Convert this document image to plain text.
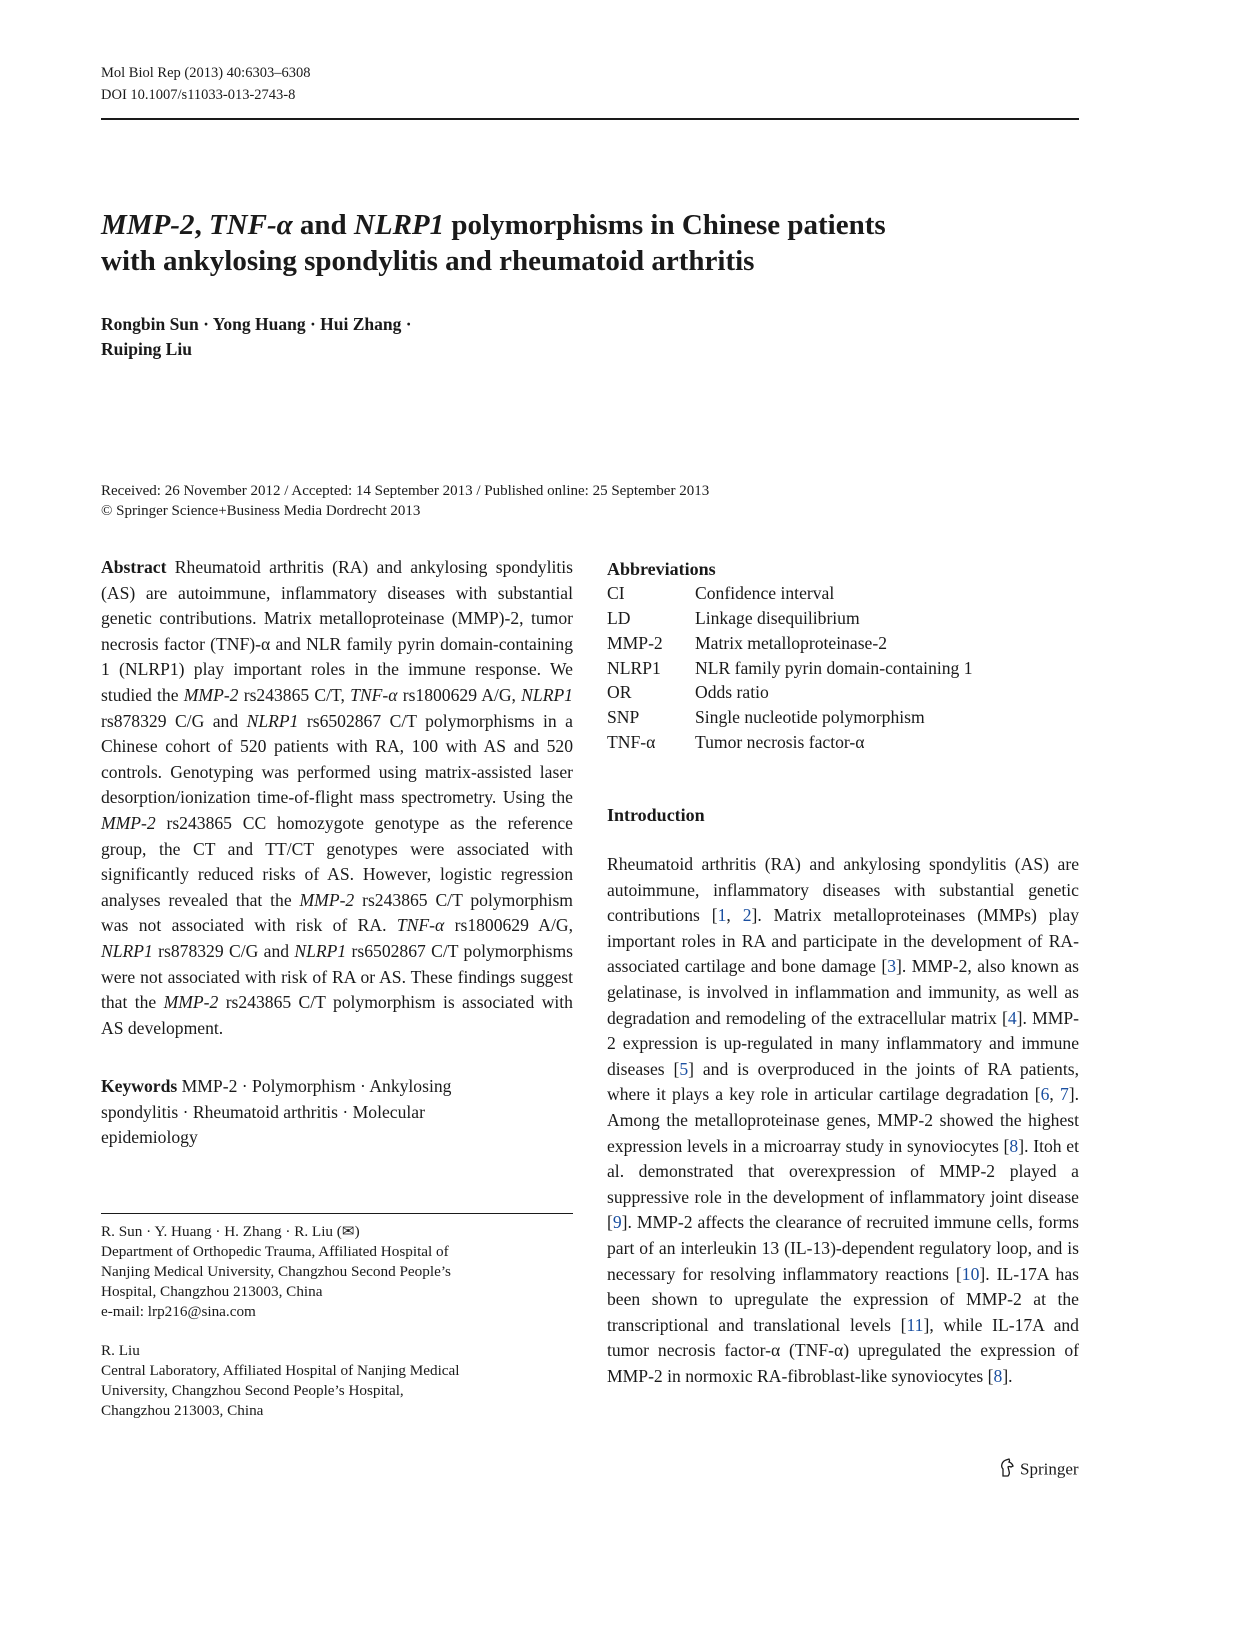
Mol Biol Rep (2013) 40:6303–6308
DOI 10.1007/s11033-013-2743-8
MMP-2, TNF-α and NLRP1 polymorphisms in Chinese patients
with ankylosing spondylitis and rheumatoid arthritis
Rongbin Sun · Yong Huang · Hui Zhang ·
Ruiping Liu
Received: 26 November 2012 / Accepted: 14 September 2013 / Published online: 25 September 2013
© Springer Science+Business Media Dordrecht 2013
Abstract Rheumatoid arthritis (RA) and ankylosing spondylitis (AS) are autoimmune, inflammatory diseases with substantial genetic contributions. Matrix metalloproteinase (MMP)-2, tumor necrosis factor (TNF)-α and NLR family pyrin domain-containing 1 (NLRP1) play important roles in the immune response. We studied the MMP-2 rs243865 C/T, TNF-α rs1800629 A/G, NLRP1 rs878329 C/G and NLRP1 rs6502867 C/T polymorphisms in a Chinese cohort of 520 patients with RA, 100 with AS and 520 controls. Genotyping was performed using matrix-assisted laser desorption/ionization time-of-flight mass spectrometry. Using the MMP-2 rs243865 CC homozygote genotype as the reference group, the CT and TT/CT genotypes were associated with significantly reduced risks of AS. However, logistic regression analyses revealed that the MMP-2 rs243865 C/T polymorphism was not associated with risk of RA. TNF-α rs1800629 A/G, NLRP1 rs878329 C/G and NLRP1 rs6502867 C/T polymorphisms were not associated with risk of RA or AS. These findings suggest that the MMP-2 rs243865 C/T polymorphism is associated with AS development.
Keywords MMP-2 · Polymorphism · Ankylosing spondylitis · Rheumatoid arthritis · Molecular epidemiology
R. Sun · Y. Huang · H. Zhang · R. Liu (✉)
Department of Orthopedic Trauma, Affiliated Hospital of
Nanjing Medical University, Changzhou Second People’s
Hospital, Changzhou 213003, China
e-mail: lrp216@sina.com
R. Liu
Central Laboratory, Affiliated Hospital of Nanjing Medical
University, Changzhou Second People’s Hospital,
Changzhou 213003, China
Abbreviations
CI	Confidence interval
LD	Linkage disequilibrium
MMP-2 Matrix metalloproteinase-2
NLRP1 NLR family pyrin domain-containing 1
OR	Odds ratio
SNP	Single nucleotide polymorphism
TNF-α Tumor necrosis factor-α
Introduction
Rheumatoid arthritis (RA) and ankylosing spondylitis (AS) are autoimmune, inflammatory diseases with substantial genetic contributions [1, 2]. Matrix metalloproteinases (MMPs) play important roles in RA and participate in the development of RA-associated cartilage and bone damage [3]. MMP-2, also known as gelatinase, is involved in inflammation and immunity, as well as degradation and remodeling of the extracellular matrix [4]. MMP-2 expression is up-regulated in many inflammatory and immune diseases [5] and is overproduced in the joints of RA patients, where it plays a key role in articular cartilage degradation [6, 7]. Among the metalloproteinase genes, MMP-2 showed the highest expression levels in a microarray study in synoviocytes [8]. Itoh et al. demonstrated that overexpression of MMP-2 played a suppressive role in the development of inflammatory joint disease [9]. MMP-2 affects the clearance of recruited immune cells, forms part of an interleukin 13 (IL-13)-dependent regulatory loop, and is necessary for resolving inflammatory reactions [10]. IL-17A has been shown to upregulate the expression of MMP-2 at the transcriptional and translational levels [11], while IL-17A and tumor necrosis factor-α (TNF-α) upregulated the expression of MMP-2 in normoxic RA-fibroblast-like synoviocytes [8].
Springer
